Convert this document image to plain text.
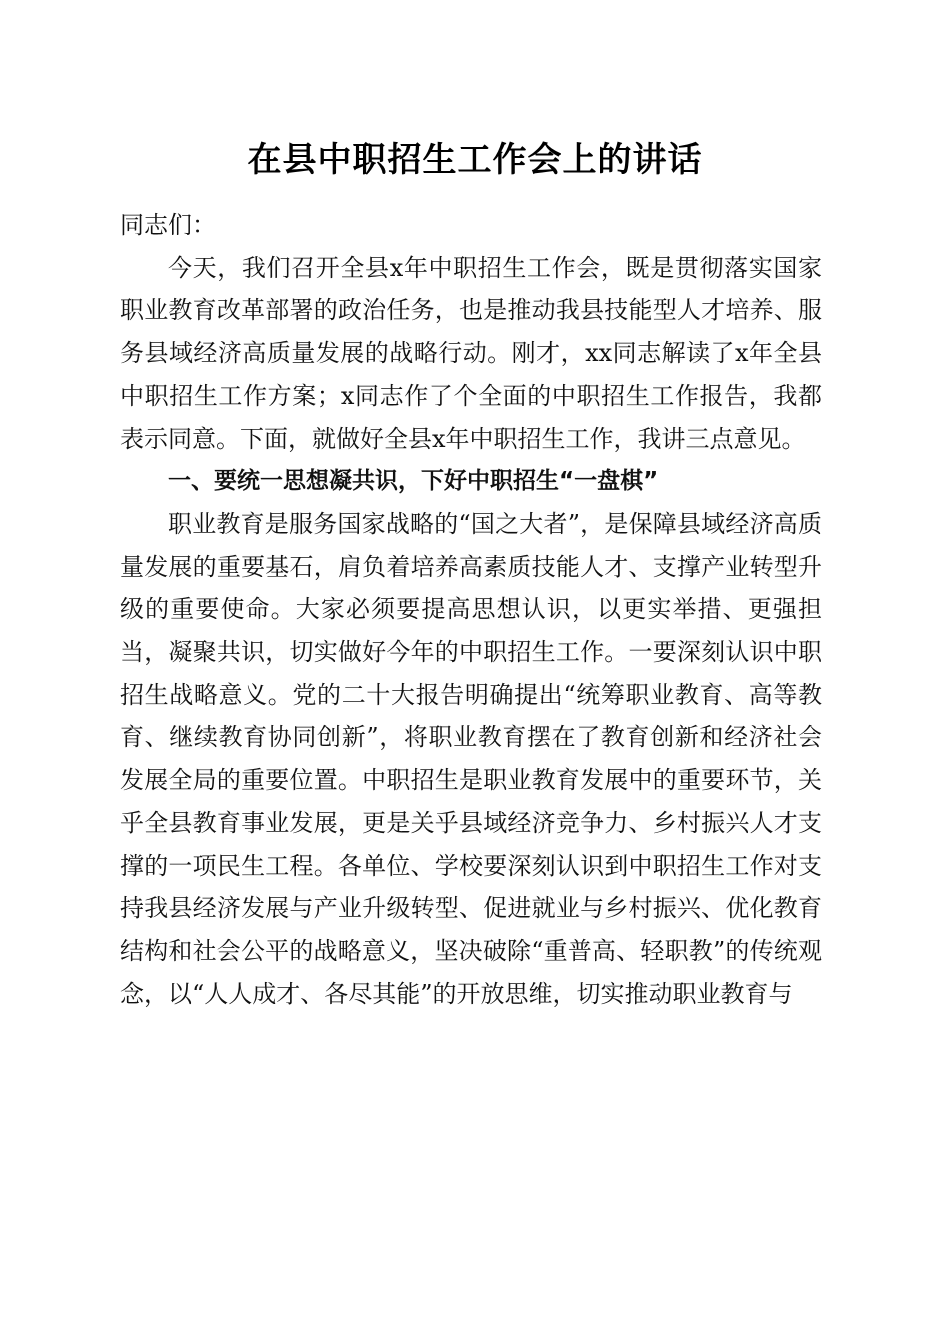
在县中职招生工作会上的讲话

同志们：

今天，我们召开全县x年中职招生工作会，既是贯彻落实国家职业教育改革部署的政治任务，也是推动我县技能型人才培养、服务县域经济高质量发展的战略行动。刚才，xx同志解读了x年全县中职招生工作方案；x同志作了个全面的中职招生工作报告，我都表示同意。下面，就做好全县x年中职招生工作，我讲三点意见。

一、要统一思想凝共识，下好中职招生“一盘棋”

职业教育是服务国家战略的“国之大者”，是保障县域经济高质量发展的重要基石，肩负着培养高素质技能人才、支撑产业转型升级的重要使命。大家必须要提高思想认识，以更实举措、更强担当，凝聚共识，切实做好今年的中职招生工作。一要深刻认识中职招生战略意义。党的二十大报告明确提出“统筹职业教育、高等教育、继续教育协同创新”，将职业教育摆在了教育创新和经济社会发展全局的重要位置。中职招生是职业教育发展中的重要环节，关乎全县教育事业发展，更是关乎县域经济竞争力、乡村振兴人才支撑的一项民生工程。各单位、学校要深刻认识到中职招生工作对支持我县经济发展与产业升级转型、促进就业与乡村振兴、优化教育结构和社会公平的战略意义，坚决破除“重普高、轻职教”的传统观念，以“人人成才、各尽其能”的开放思维，切实推动职业教育与
